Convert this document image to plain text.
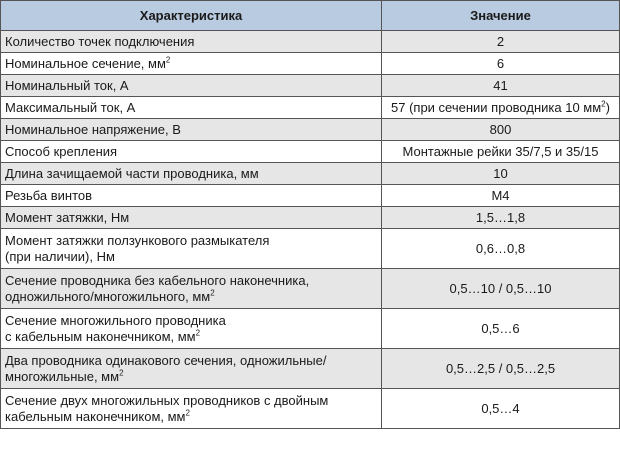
Характеристика	Значение
Количество точек подключения	2
Номинальное сечение, $мм^2$	6
Номинальный ток, А	41
Максимальный ток, А	57 (при сечении проводника 10 $мм^2$)
Номинальное напряжение, В	800
Способ крепления	Монтажные рейки 35/7,5 и 35/15
Длина зачищаемой части проводника, мм	10
Резьба винтов	М4
Момент затяжки, Нм	1,5…1,8
Момент затяжки ползункового размыкателя
(при наличии), Нм	0,6…0,8
Сечение проводника без кабельного наконечника,
одножильного/многожильного, $мм^2$	0,5…10 / 0,5…10
Сечение многожильного проводника
с кабельным наконечником, $мм^2$	0,5…6
Два проводника одинакового сечения, одножильные/
многожильные, $мм^2$	0,5…2,5 / 0,5…2,5
Сечение двух многожильных проводников с двойным
кабельным наконечником, $мм^2$	0,5…4
